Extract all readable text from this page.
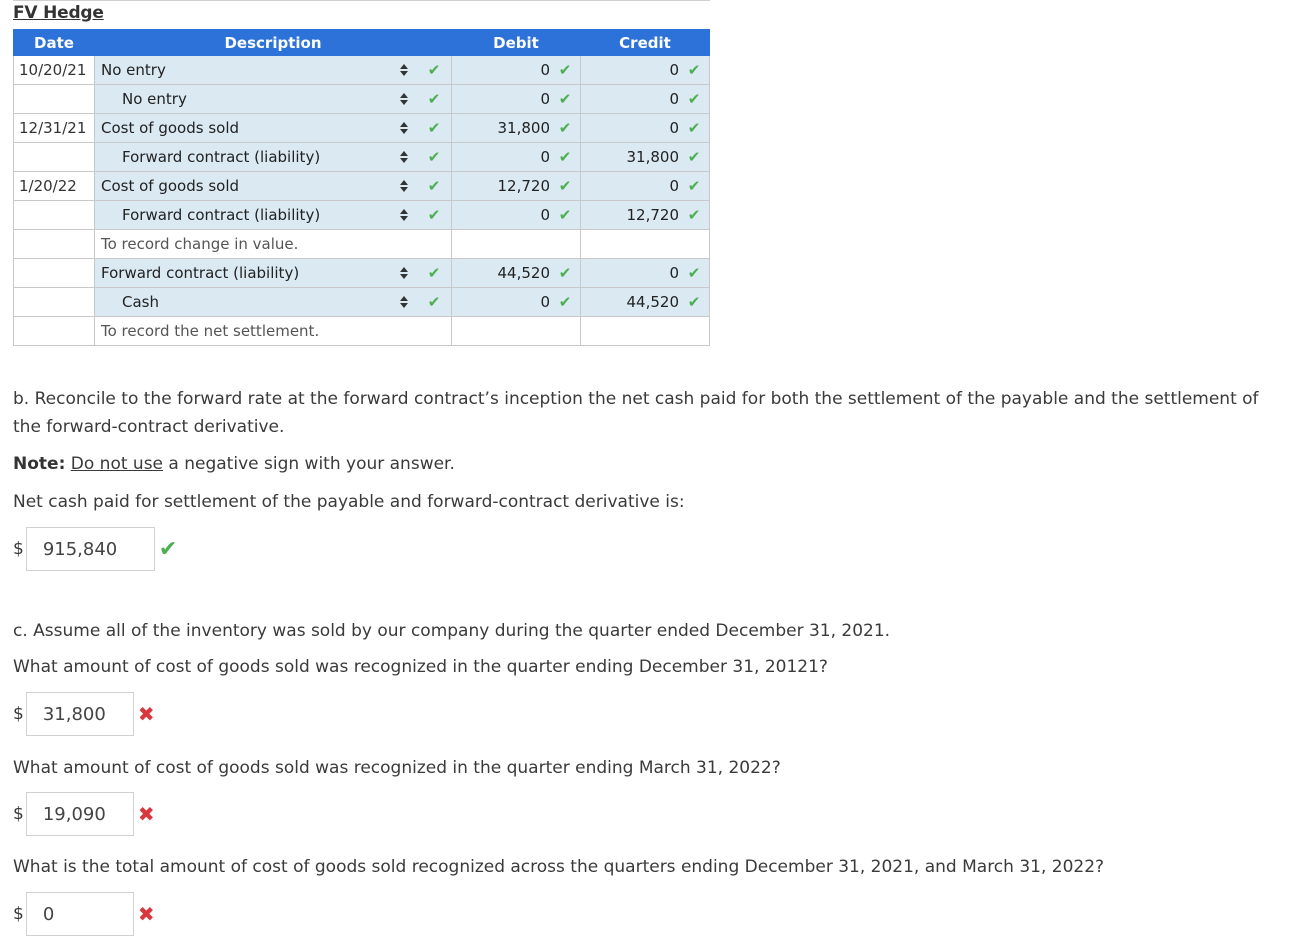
FV Hedge
Date	Description	Debit	Credit
10/20/21	No entry ✔	0 ✔	0 ✔

	No entry ✔	0 ✔	0 ✔

12/31/21	Cost of goods sold ✔	31,800 ✔	0 ✔

	Forward contract (liability) ✔	0 ✔	31,800 ✔

1/20/22	Cost of goods sold ✔	12,720 ✔	0 ✔

	Forward contract (liability) ✔	0 ✔	12,720 ✔

	To record change in value.		

	Forward contract (liability) ✔	44,520 ✔	0 ✔

	Cash ✔	0 ✔	44,520 ✔

	To record the net settlement.		
b. Reconcile to the forward rate at the forward contract’s inception the net cash paid for both the settlement of the payable and the settlement of the forward-contract derivative.
Note: Do not use a negative sign with your answer.
Net cash paid for settlement of the payable and forward-contract derivative is:
$
915,840	✔
c. Assume all of the inventory was sold by our company during the quarter ended December 31, 2021.
What amount of cost of goods sold was recognized in the quarter ending December 31, 20121?
$
31,800	✖
What amount of cost of goods sold was recognized in the quarter ending March 31, 2022?
$
19,090	✖
What is the total amount of cost of goods sold recognized across the quarters ending December 31, 2021, and March 31, 2022?
$
0	✖
